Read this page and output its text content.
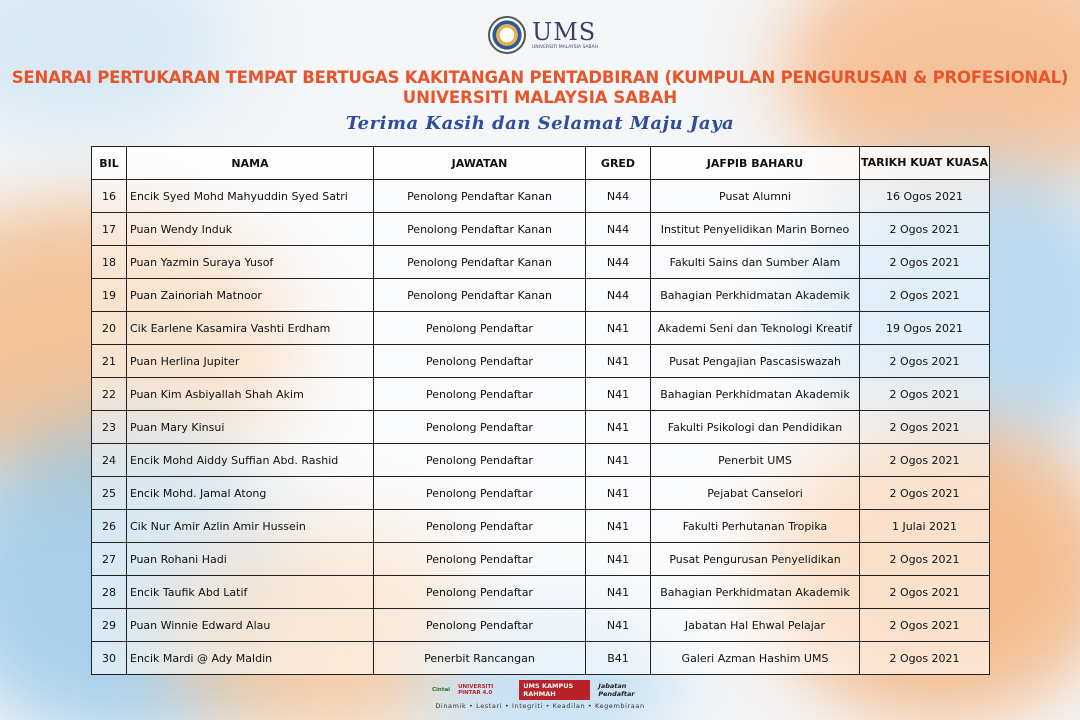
UMS
UNIVERSITI MALAYSIA SABAH
SENARAI PERTUKARAN TEMPAT BERTUGAS KAKITANGAN PENTADBIRAN (KUMPULAN PENGURUSAN & PROFESIONAL)
UNIVERSITI MALAYSIA SABAH
Terima Kasih dan Selamat Maju Jaya
BIL	NAMA	JAWATAN	GRED	JAFPIB BAHARU	TARIKH KUAT KUASA
16	Encik Syed Mohd Mahyuddin Syed Satri	Penolong Pendaftar Kanan	N44	Pusat Alumni	16 Ogos 2021
17	Puan Wendy Induk	Penolong Pendaftar Kanan	N44	Institut Penyelidikan Marin Borneo	2 Ogos 2021
18	Puan Yazmin Suraya Yusof	Penolong Pendaftar Kanan	N44	Fakulti Sains dan Sumber Alam	2 Ogos 2021
19	Puan Zainoriah Matnoor	Penolong Pendaftar Kanan	N44	Bahagian Perkhidmatan Akademik	2 Ogos 2021
20	Cik Earlene Kasamira Vashti Erdham	Penolong Pendaftar	N41	Akademi Seni dan Teknologi Kreatif	19 Ogos 2021
21	Puan Herlina Jupiter	Penolong Pendaftar	N41	Pusat Pengajian Pascasiswazah	2 Ogos 2021
22	Puan Kim Asbiyallah Shah Akim	Penolong Pendaftar	N41	Bahagian Perkhidmatan Akademik	2 Ogos 2021
23	Puan Mary Kinsui	Penolong Pendaftar	N41	Fakulti Psikologi dan Pendidikan	2 Ogos 2021
24	Encik Mohd Aiddy Suffian Abd. Rashid	Penolong Pendaftar	N41	Penerbit UMS	2 Ogos 2021
25	Encik Mohd. Jamal Atong	Penolong Pendaftar	N41	Pejabat Canselori	2 Ogos 2021
26	Cik Nur Amir Azlin Amir Hussein	Penolong Pendaftar	N41	Fakulti Perhutanan Tropika	1 Julai 2021
27	Puan Rohani Hadi	Penolong Pendaftar	N41	Pusat Pengurusan Penyelidikan	2 Ogos 2021
28	Encik Taufik Abd Latif	Penolong Pendaftar	N41	Bahagian Perkhidmatan Akademik	2 Ogos 2021
29	Puan Winnie Edward Alau	Penolong Pendaftar	N41	Jabatan Hal Ehwal Pelajar	2 Ogos 2021
30	Encik Mardi @ Ady Maldin	Penerbit Rancangan	B41	Galeri Azman Hashim UMS	2 Ogos 2021
Cintai UNIVERSITI PINTAR 4.0
UMS KAMPUS RAHMAH
Jabatan Pendaftar
Dinamik • Lestari • Integriti • Keadilan • Kegembiraan
